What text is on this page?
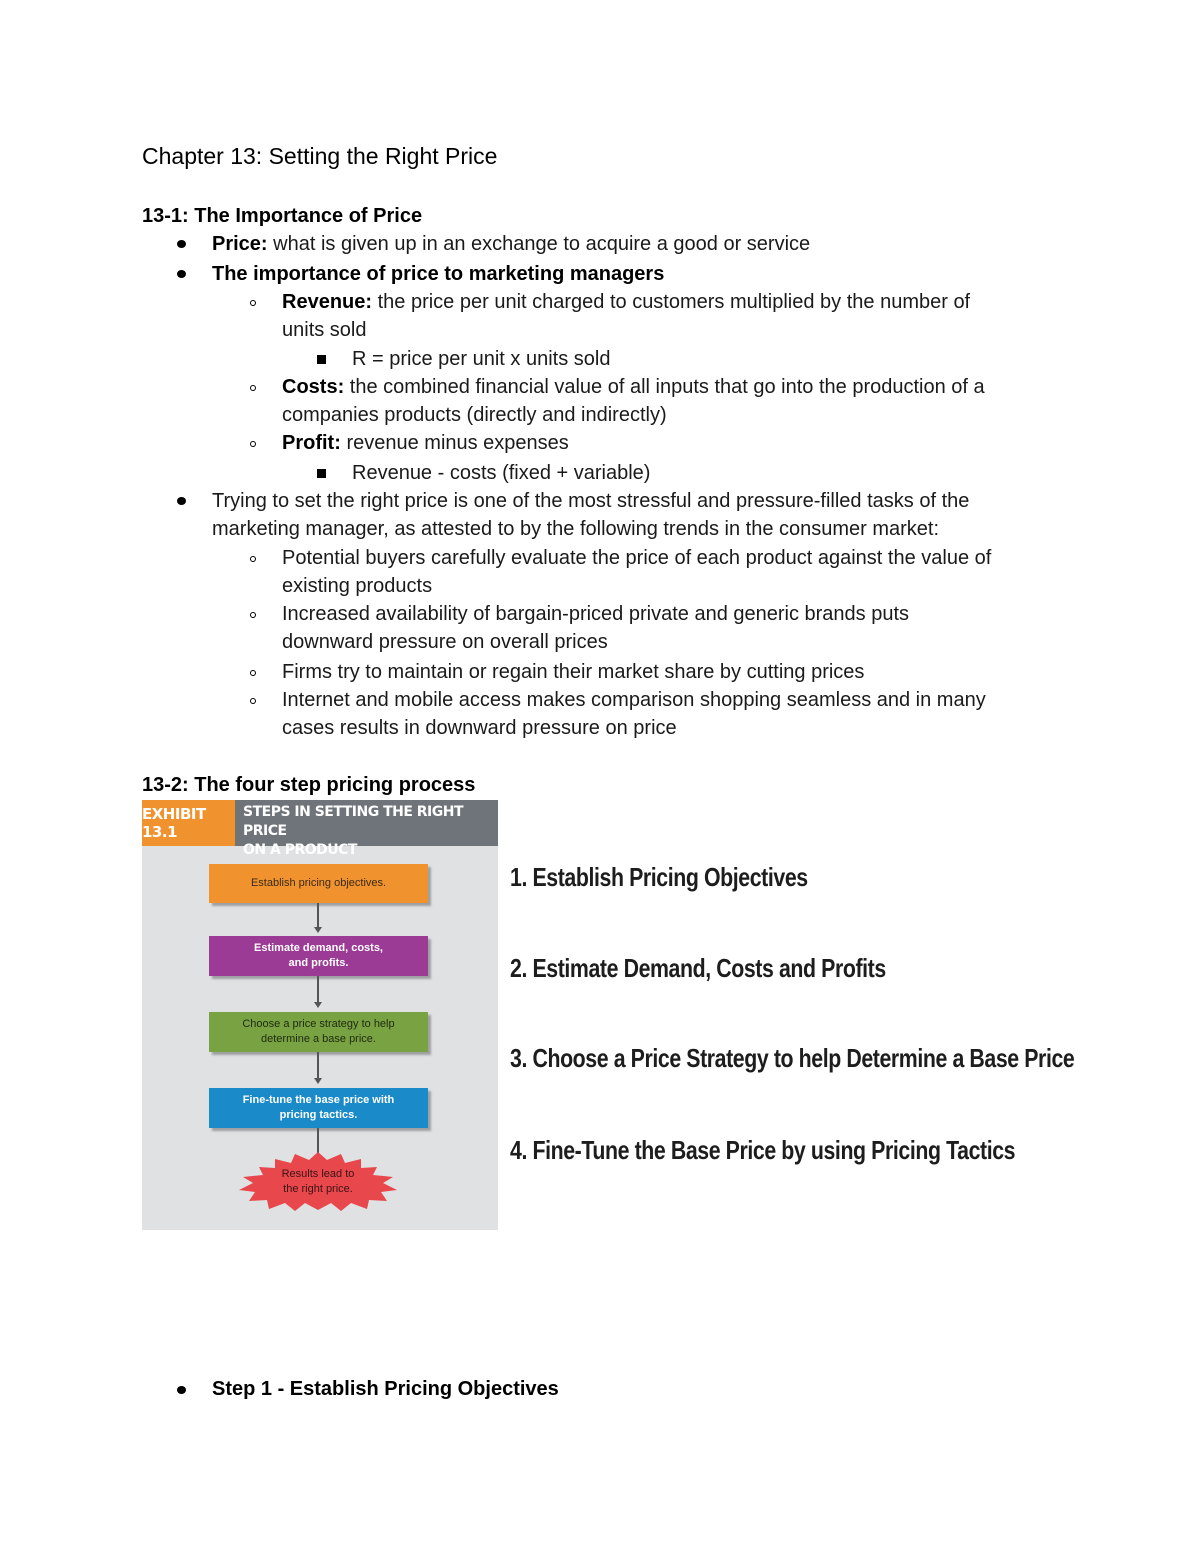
Chapter 13: Setting the Right Price
13-1: The Importance of Price
Price: what is given up in an exchange to acquire a good or service
The importance of price to marketing managers
Revenue: the price per unit charged to customers multiplied by the number of
units sold
R = price per unit x units sold
Costs: the combined financial value of all inputs that go into the production of a
companies products (directly and indirectly)
Profit: revenue minus expenses
Revenue - costs (fixed + variable)
Trying to set the right price is one of the most stressful and pressure-filled tasks of the
marketing manager, as attested to by the following trends in the consumer market:
Potential buyers carefully evaluate the price of each product against the value of
existing products
Increased availability of bargain-priced private and generic brands puts
downward pressure on overall prices
Firms try to maintain or regain their market share by cutting prices
Internet and mobile access makes comparison shopping seamless and in many
cases results in downward pressure on price
13-2: The four step pricing process
EXHIBIT 13.1
STEPS IN SETTING THE RIGHT PRICE
ON A PRODUCT
Establish pricing objectives.
Estimate demand, costs,
and profits.
Choose a price strategy to help
determine a base price.
Fine-tune the base price with
pricing tactics.
Results lead to
the right price.
1. Establish Pricing Objectives
2. Estimate Demand, Costs and Profits
3. Choose a Price Strategy to help Determine a Base Price
4. Fine-Tune the Base Price by using Pricing Tactics
Step 1 - Establish Pricing Objectives
